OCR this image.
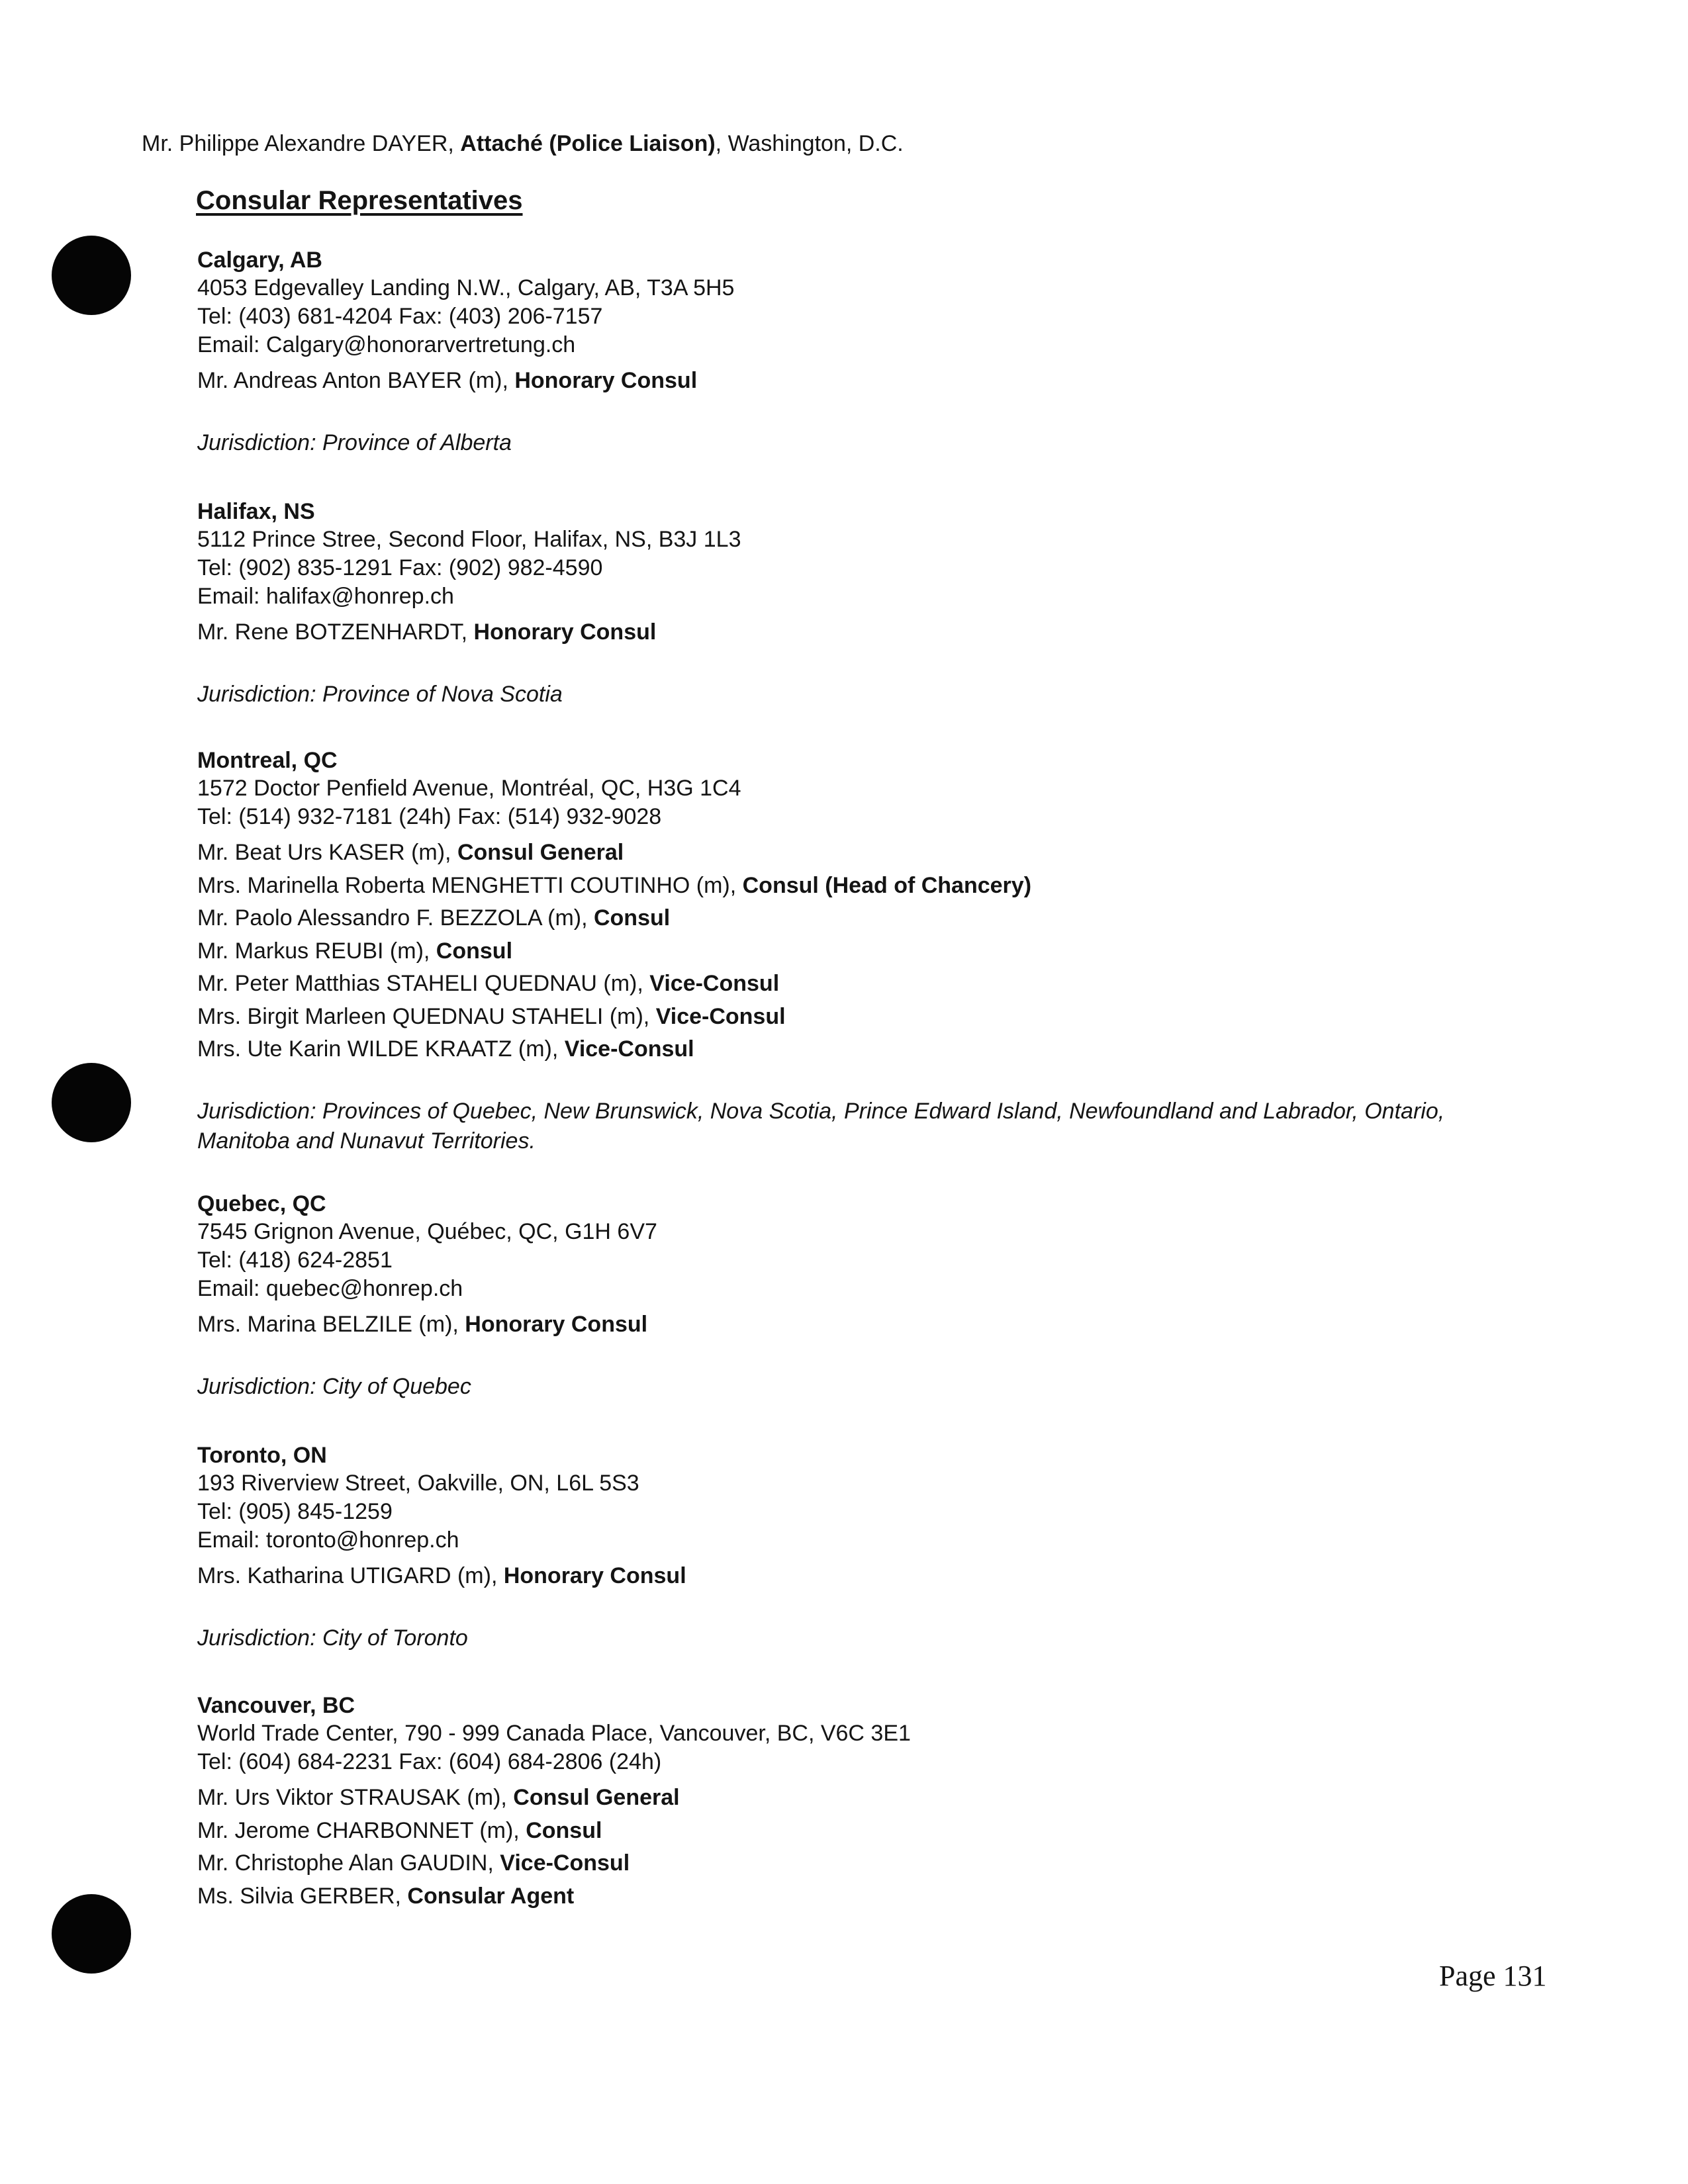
Mr. Philippe Alexandre DAYER, Attaché (Police Liaison), Washington, D.C.
Consular Representatives
Calgary, AB
4053 Edgevalley Landing N.W., Calgary, AB, T3A 5H5
Tel: (403) 681-4204 Fax: (403) 206-7157
Email: Calgary@honorarvertretung.ch
Mr. Andreas Anton BAYER (m), Honorary Consul
Jurisdiction: Province of Alberta
Halifax, NS
5112 Prince Stree, Second Floor, Halifax, NS, B3J 1L3
Tel: (902) 835-1291 Fax: (902) 982-4590
Email: halifax@honrep.ch
Mr. Rene BOTZENHARDT, Honorary Consul
Jurisdiction: Province of Nova Scotia
Montreal, QC
1572 Doctor Penfield Avenue, Montréal, QC, H3G 1C4
Tel: (514) 932-7181 (24h) Fax: (514) 932-9028
Mr. Beat Urs KASER (m), Consul General
Mrs. Marinella Roberta MENGHETTI COUTINHO (m), Consul (Head of Chancery)
Mr. Paolo Alessandro F. BEZZOLA (m), Consul
Mr. Markus REUBI (m), Consul
Mr. Peter Matthias STAHELI QUEDNAU (m), Vice-Consul
Mrs. Birgit Marleen QUEDNAU STAHELI (m), Vice-Consul
Mrs. Ute Karin WILDE KRAATZ (m), Vice-Consul
Jurisdiction: Provinces of Quebec, New Brunswick, Nova Scotia, Prince Edward Island, Newfoundland and Labrador, Ontario, Manitoba and Nunavut Territories.
Quebec, QC
7545 Grignon Avenue, Québec, QC, G1H 6V7
Tel: (418) 624-2851
Email: quebec@honrep.ch
Mrs. Marina BELZILE (m), Honorary Consul
Jurisdiction: City of Quebec
Toronto, ON
193 Riverview Street, Oakville, ON, L6L 5S3
Tel: (905) 845-1259
Email: toronto@honrep.ch
Mrs. Katharina UTIGARD (m), Honorary Consul
Jurisdiction: City of Toronto
Vancouver, BC
World Trade Center, 790 - 999 Canada Place, Vancouver, BC, V6C 3E1
Tel: (604) 684-2231 Fax: (604) 684-2806 (24h)
Mr. Urs Viktor STRAUSAK (m), Consul General
Mr. Jerome CHARBONNET (m), Consul
Mr. Christophe Alan GAUDIN, Vice-Consul
Ms. Silvia GERBER, Consular Agent
Page 131
